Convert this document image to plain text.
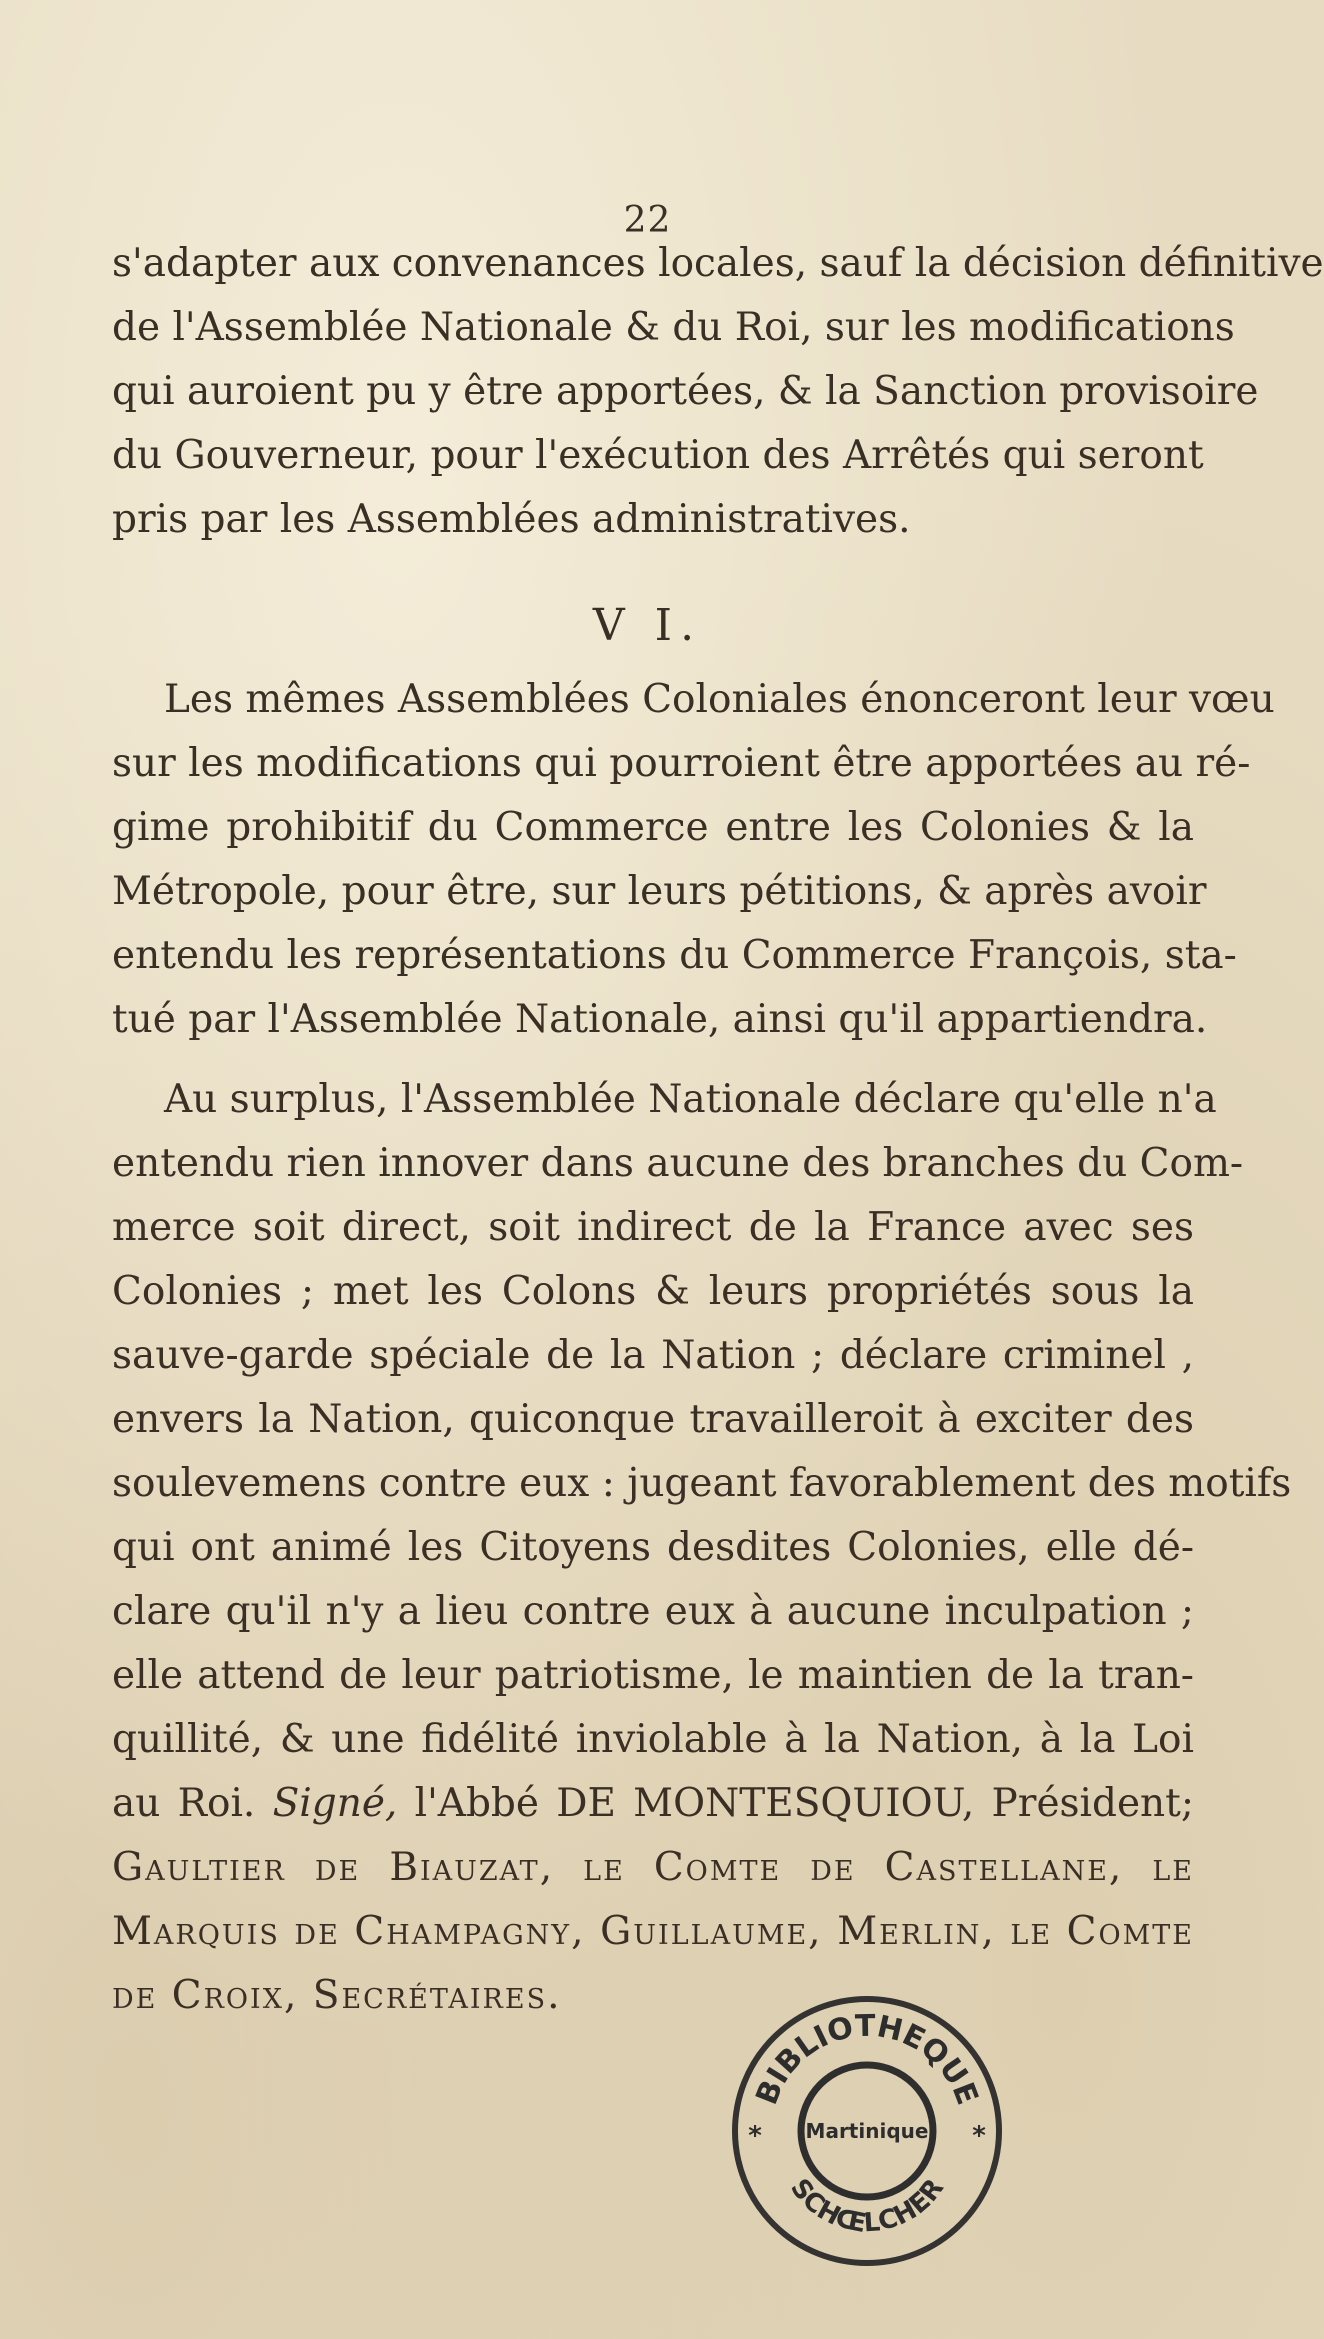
22
s'adapter aux convenances locales, sauf la décision définitive
de l'Assemblée Nationale & du Roi, sur les modifications
qui auroient pu y être apportées, & la Sanction provisoire
du Gouverneur, pour l'exécution des Arrêtés qui seront
pris par les Assemblées administratives.
V I.
Les mêmes Assemblées Coloniales énonceront leur vœu
sur les modifications qui pourroient être apportées au ré-
gime prohibitif du Commerce entre les Colonies & la
Métropole, pour être, sur leurs pétitions, & après avoir
entendu les représentations du Commerce François, sta-
tué par l'Assemblée Nationale, ainsi qu'il appartiendra.
Au surplus, l'Assemblée Nationale déclare qu'elle n'a
entendu rien innover dans aucune des branches du Com-
merce soit direct, soit indirect de la France avec ses
Colonies ; met les Colons & leurs propriétés sous la
sauve-garde spéciale de la Nation ; déclare criminel ,
envers la Nation, quiconque travailleroit à exciter des
soulevemens contre eux : jugeant favorablement des motifs
qui ont animé les Citoyens desdites Colonies, elle dé-
clare qu'il n'y a lieu contre eux à aucune inculpation ;
elle attend de leur patriotisme, le maintien de la tran-
quillité, & une fidélité inviolable à la Nation, à la Loi
au Roi. Signé, l'Abbé DE MONTESQUIOU, Président;
Gaultier de Biauzat, le Comte de Castellane, le
Marquis de Champagny, Guillaume, Merlin, le Comte
de Croix, Secrétaires.
BIBLIOTHEQUE
SCHŒLCHER
Martinique
*	*
